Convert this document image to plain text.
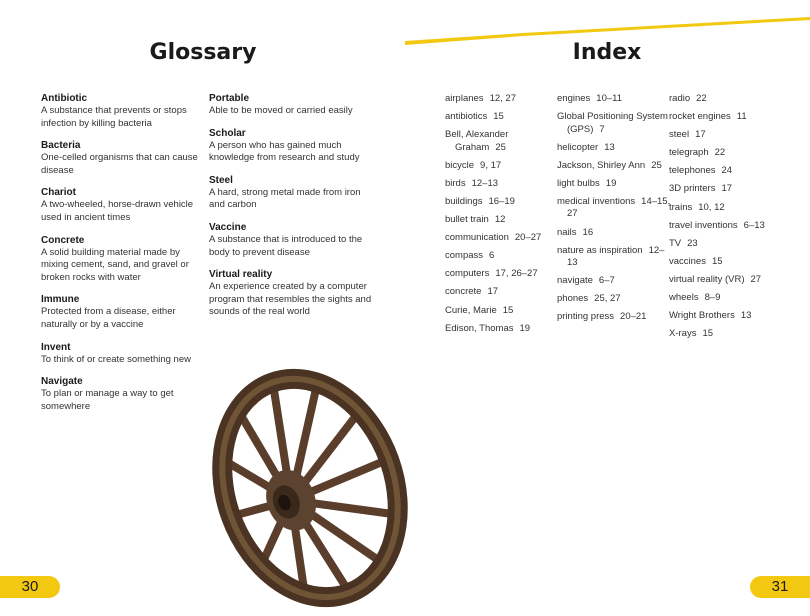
Glossary	Index
Antibiotic
A substance that prevents or stops infection by killing bacteria
Bacteria
One-celled organisms that can cause disease
Chariot
A two-wheeled, horse-drawn vehicle used in ancient times
Concrete
A solid building material made by mixing cement, sand, and gravel or broken rocks with water
Immune
Protected from a disease, either naturally or by a vaccine
Invent
To think of or create something new
Navigate
To plan or manage a way to get somewhere
Portable
Able to be moved or carried easily
Scholar
A person who has gained much knowledge from research and study
Steel
A hard, strong metal made from iron and carbon
Vaccine
A substance that is introduced to the body to prevent disease
Virtual reality
An experience created by a computer program that resembles the sights and sounds of the real world
airplanes 12, 27
antibiotics 15
Bell, Alexander Graham 25
bicycle 9, 17
birds 12–13
buildings 16–19
bullet train 12
communication 20–27
compass 6
computers 17, 26–27
concrete 17
Curie, Marie 15
Edison, Thomas 19
engines 10–11
Global Positioning System (GPS) 7
helicopter 13
Jackson, Shirley Ann 25
light bulbs 19
medical inventions 14–15, 27
nails 16
nature as inspiration 12–13
navigate 6–7
phones 25, 27
printing press 20–21
radio 22
rocket engines 11
steel 17
telegraph 22
telephones 24
3D printers 17
trains 10, 12
travel inventions 6–13
TV 23
vaccines 15
virtual reality (VR) 27
wheels 8–9
Wright Brothers 13
X-rays 15
30	31
